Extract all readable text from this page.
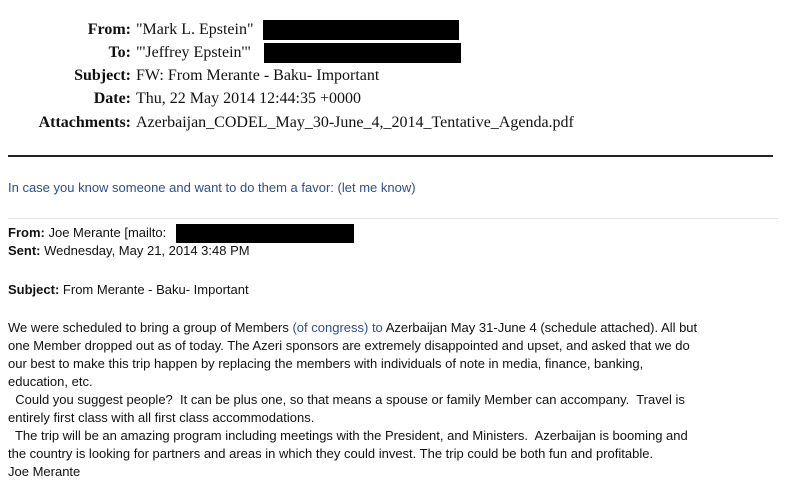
From: "Mark L. Epstein"
To: "'Jeffrey Epstein'"
Subject: FW: From Merante - Baku- Important
Date: Thu, 22 May 2014 12:44:35 +0000
Attachments: Azerbaijan_CODEL_May_30-June_4,_2014_Tentative_Agenda.pdf
In case you know someone and want to do them a favor: (let me know)
From: Joe Merante [mailto:
Sent: Wednesday, May 21, 2014 3:48 PM
Subject: From Merante - Baku- Important
We were scheduled to bring a group of Members (of congress) to Azerbaijan May 31-June 4 (schedule attached). All but
one Member dropped out as of today. The Azeri sponsors are extremely disappointed and upset, and asked that we do
our best to make this trip happen by replacing the members with individuals of note in media, finance, banking,
education, etc.
Could you suggest people?  It can be plus one, so that means a spouse or family Member can accompany.  Travel is
entirely first class with all first class accommodations.
The trip will be an amazing program including meetings with the President, and Ministers.  Azerbaijan is booming and
the country is looking for partners and areas in which they could invest. The trip could be both fun and profitable.
Joe Merante
